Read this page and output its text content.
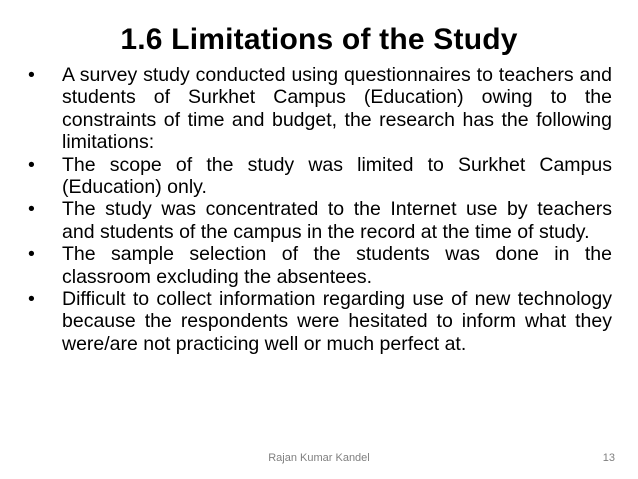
1.6 Limitations of the Study
•	A survey study conducted using questionnaires to teachers and students of Surkhet Campus (Education) owing to the constraints of time and budget, the research has the following limitations:
•	The scope of the study was limited to Surkhet Campus (Education) only.
•	The study was concentrated to the Internet use by teachers and students of the campus in the record at the time of study.
•	The sample selection of the students was done in the classroom excluding the absentees.
•	Difficult to collect information regarding use of new technology because the respondents were hesitated to inform what they were/are not practicing well or much perfect at.
Rajan Kumar Kandel	13
